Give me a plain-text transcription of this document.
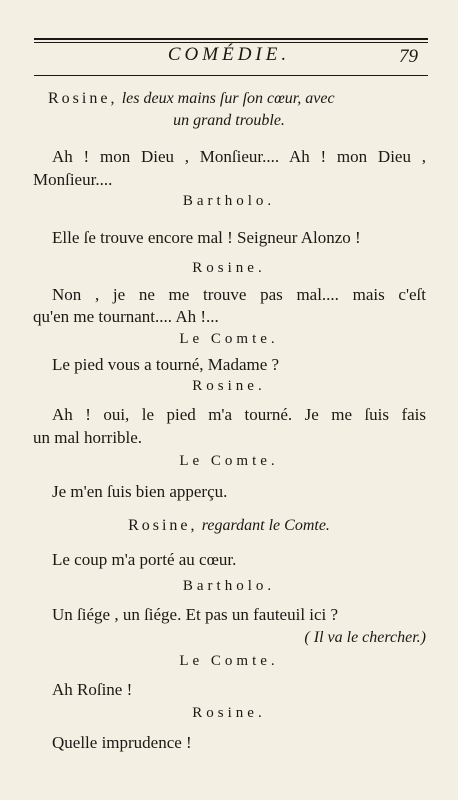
COMÉDIE.	79
Rosine, les deux mains ſur ſon cœur, avec
un grand trouble.
Ah ! mon Dieu , Monſieur.... Ah ! mon Dieu ,
Monſieur....
Bartholo.
Elle ſe trouve encore mal ! Seigneur Alonzo !
Rosine.
Non , je ne me trouve pas mal.... mais c'eſt
qu'en me tournant.... Ah !...
Le Comte.
Le pied vous a tourné, Madame ?
Rosine.
Ah ! oui, le pied m'a tourné. Je me ſuis fais
un mal horrible.
Le Comte.
Je m'en ſuis bien apperçu.
Rosine, regardant le Comte.
Le coup m'a porté au cœur.
Bartholo.
Un ſiége , un ſiége. Et pas un fauteuil ici ?
( Il va le chercher.)
Le Comte.
Ah Roſine !
Rosine.
Quelle imprudence !
